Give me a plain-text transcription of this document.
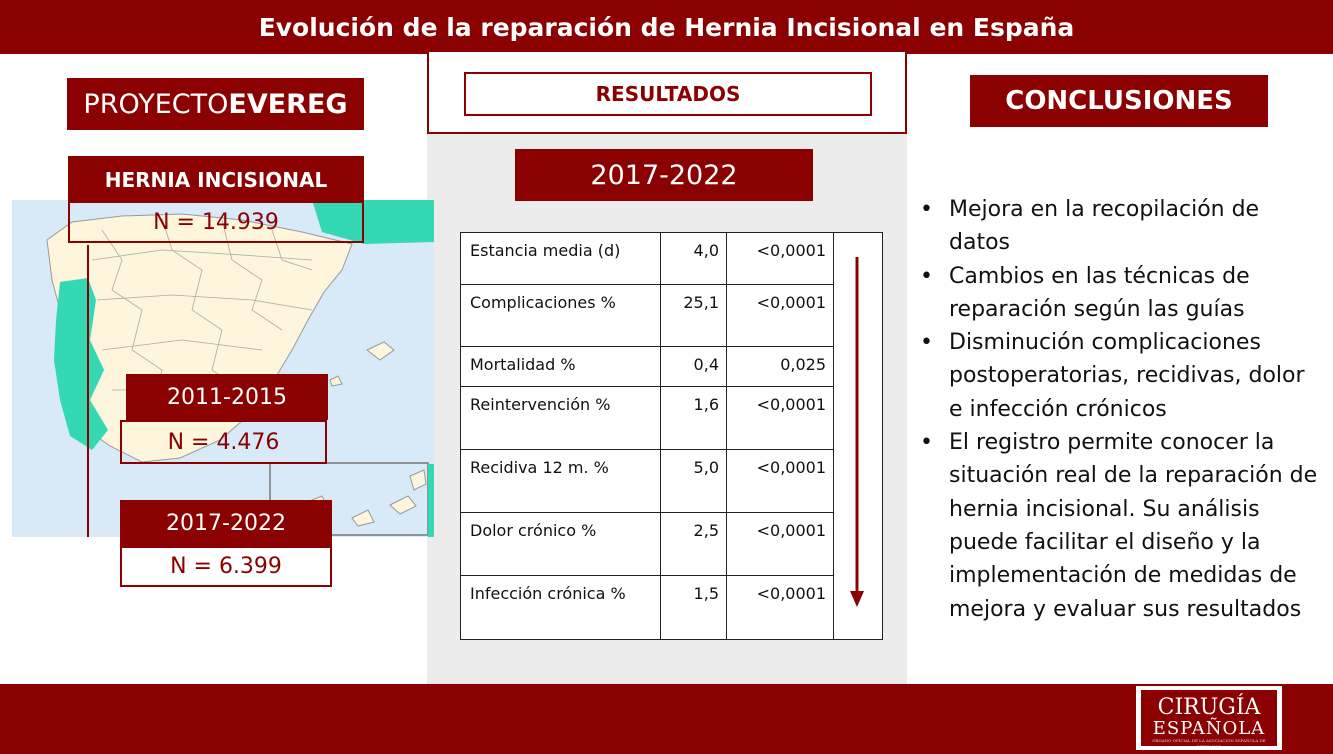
Evolución de la reparación de Hernia Incisional en España
PROYECTO EVEREG
HERNIA INCISIONAL
N = 14.939
2011-2015
N = 4.476
2017-2022
N = 6.399
RESULTADOS
2017-2022
Estancia media (d)	4,0	<0,0001	
Complicaciones %	25,1	<0,0001	
Mortalidad %	0,4	0,025	
Reintervención %	1,6	<0,0001	
Recidiva 12 m. %	5,0	<0,0001	
Dolor crónico %	2,5	<0,0001	
Infección crónica %	1,5	<0,0001	
CONCLUSIONES
• Mejora en la recopilación de datos
• Cambios en las técnicas de reparación según las guías
• Disminución complicaciones postoperatorias, recidivas, dolor e infección crónicos
• El registro permite conocer la situación real de la reparación de hernia incisional. Su análisis puede facilitar el diseño y la implementación de medidas de mejora y evaluar sus resultados
CIRUGÍA
ESPAÑOLA
ÓRGANO OFICIAL DE LA ASOCIACIÓN ESPAÑOLA DE CIRUJANOS
